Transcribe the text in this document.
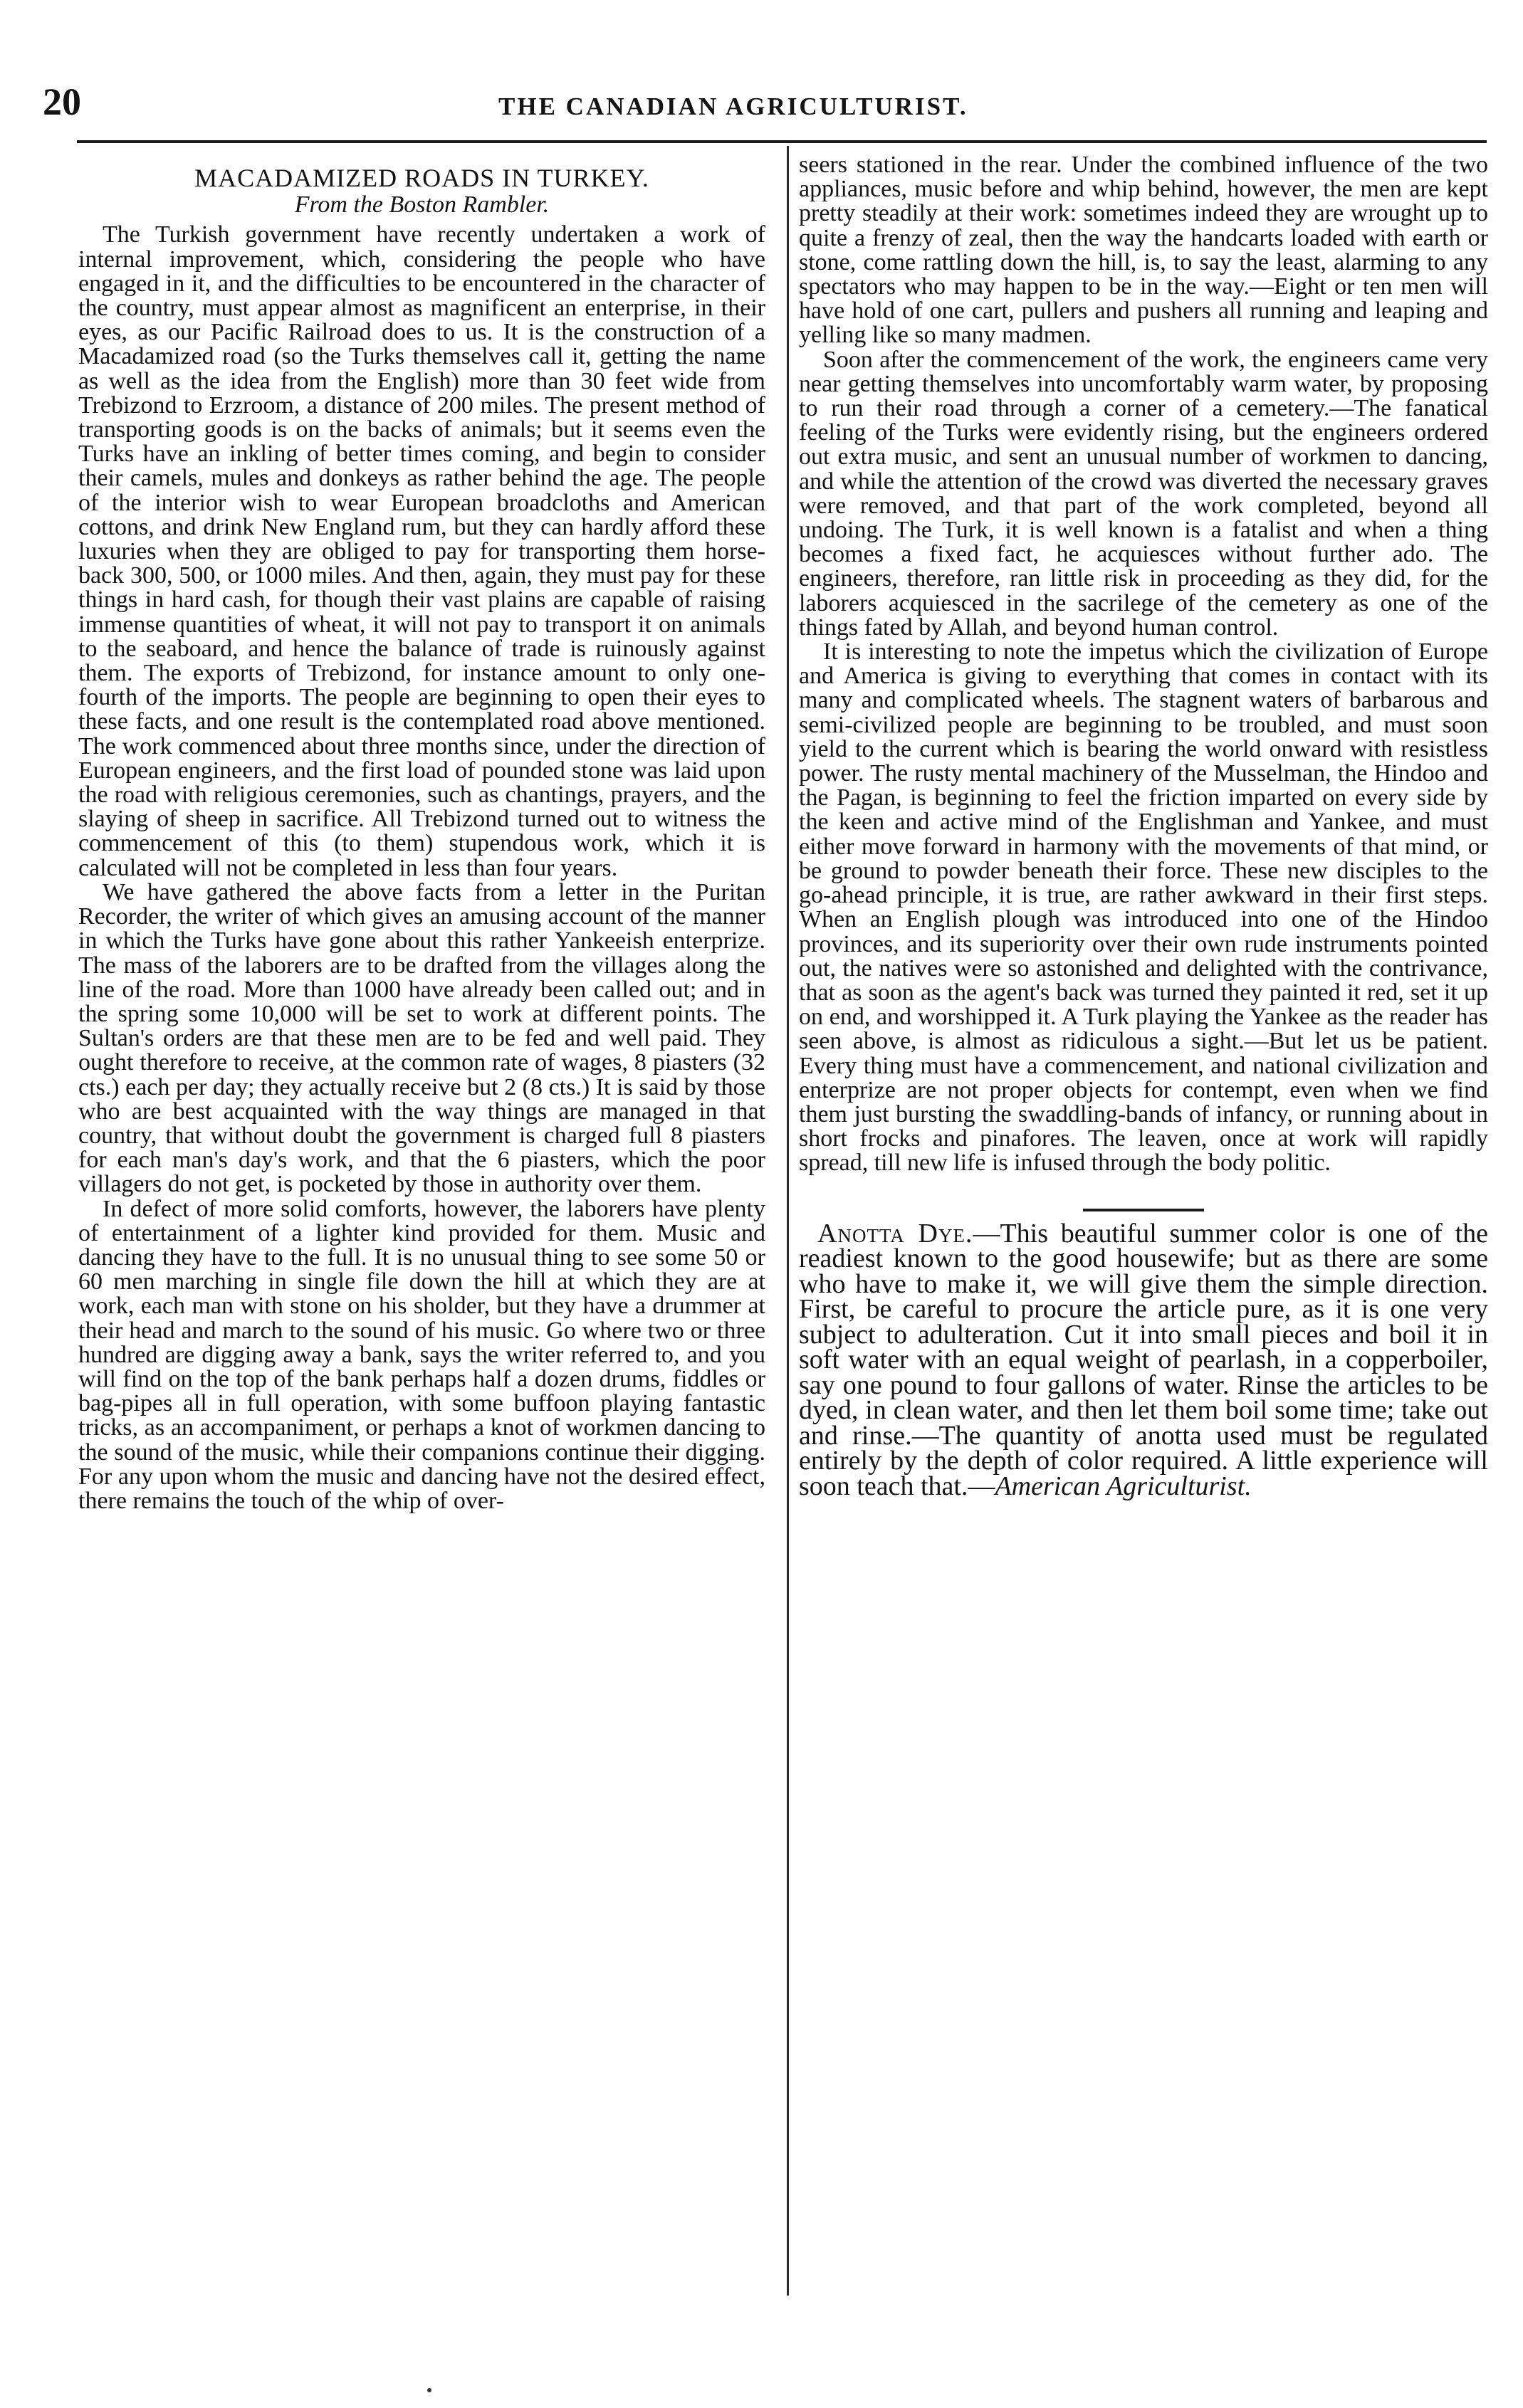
20	THE CANADIAN AGRICULTURIST.
MACADAMIZED ROADS IN TURKEY.
From the Boston Rambler.

The Turkish government have recently undertaken a work of internal improvement, which, considering the people who have engaged in it, and the difficulties to be encountered in the character of the country, must appear almost as magnificent an enterprise, in their eyes, as our Pacific Railroad does to us. It is the construction of a Macadamized road (so the Turks themselves call it, getting the name as well as the idea from the English) more than 30 feet wide from Trebizond to Erzroom, a distance of 200 miles. The present method of transporting goods is on the backs of animals; but it seems even the Turks have an inkling of better times coming, and begin to consider their camels, mules and donkeys as rather behind the age. The people of the interior wish to wear European broadcloths and American cottons, and drink New England rum, but they can hardly afford these luxuries when they are obliged to pay for transporting them horse-back 300, 500, or 1000 miles. And then, again, they must pay for these things in hard cash, for though their vast plains are capable of raising immense quantities of wheat, it will not pay to transport it on animals to the seaboard, and hence the balance of trade is ruinously against them. The exports of Trebizond, for instance amount to only one-fourth of the imports. The people are beginning to open their eyes to these facts, and one result is the contemplated road above mentioned. The work commenced about three months since, under the direction of European engineers, and the first load of pounded stone was laid upon the road with religious ceremonies, such as chantings, prayers, and the slaying of sheep in sacrifice. All Trebizond turned out to witness the commencement of this (to them) stupendous work, which it is calculated will not be completed in less than four years.

We have gathered the above facts from a letter in the Puritan Recorder, the writer of which gives an amusing account of the manner in which the Turks have gone about this rather Yankeeish enterprize. The mass of the laborers are to be drafted from the villages along the line of the road. More than 1000 have already been called out; and in the spring some 10,000 will be set to work at different points. The Sultan's orders are that these men are to be fed and well paid. They ought therefore to receive, at the common rate of wages, 8 piasters (32 cts.) each per day; they actually receive but 2 (8 cts.) It is said by those who are best acquainted with the way things are managed in that country, that without doubt the government is charged full 8 piasters for each man's day's work, and that the 6 piasters, which the poor villagers do not get, is pocketed by those in authority over them.

In defect of more solid comforts, however, the laborers have plenty of entertainment of a lighter kind provided for them. Music and dancing they have to the full. It is no unusual thing to see some 50 or 60 men marching in single file down the hill at which they are at work, each man with stone on his sholder, but they have a drummer at their head and march to the sound of his music. Go where two or three hundred are digging away a bank, says the writer referred to, and you will find on the top of the bank perhaps half a dozen drums, fiddles or bag-pipes all in full operation, with some buffoon playing fantastic tricks, as an accompaniment, or perhaps a knot of workmen dancing to the sound of the music, while their companions continue their digging. For any upon whom the music and dancing have not the desired effect, there remains the touch of the whip of over-

seers stationed in the rear. Under the combined influence of the two appliances, music before and whip behind, however, the men are kept pretty steadily at their work: sometimes indeed they are wrought up to quite a frenzy of zeal, then the way the handcarts loaded with earth or stone, come rattling down the hill, is, to say the least, alarming to any spectators who may happen to be in the way.—Eight or ten men will have hold of one cart, pullers and pushers all running and leaping and yelling like so many madmen.

Soon after the commencement of the work, the engineers came very near getting themselves into uncomfortably warm water, by proposing to run their road through a corner of a cemetery.—The fanatical feeling of the Turks were evidently rising, but the engineers ordered out extra music, and sent an unusual number of workmen to dancing, and while the attention of the crowd was diverted the necessary graves were removed, and that part of the work completed, beyond all undoing. The Turk, it is well known is a fatalist and when a thing becomes a fixed fact, he acquiesces without further ado. The engineers, therefore, ran little risk in proceeding as they did, for the laborers acquiesced in the sacrilege of the cemetery as one of the things fated by Allah, and beyond human control.

It is interesting to note the impetus which the civilization of Europe and America is giving to everything that comes in contact with its many and complicated wheels. The stagnent waters of barbarous and semi-civilized people are beginning to be troubled, and must soon yield to the current which is bearing the world onward with resistless power. The rusty mental machinery of the Musselman, the Hindoo and the Pagan, is beginning to feel the friction imparted on every side by the keen and active mind of the Englishman and Yankee, and must either move forward in harmony with the movements of that mind, or be ground to powder beneath their force. These new disciples to the go-ahead principle, it is true, are rather awkward in their first steps. When an English plough was introduced into one of the Hindoo provinces, and its superiority over their own rude instruments pointed out, the natives were so astonished and delighted with the contrivance, that as soon as the agent's back was turned they painted it red, set it up on end, and worshipped it. A Turk playing the Yankee as the reader has seen above, is almost as ridiculous a sight.—But let us be patient. Every thing must have a commencement, and national civilization and enterprize are not proper objects for contempt, even when we find them just bursting the swaddling-bands of infancy, or running about in short frocks and pinafores. The leaven, once at work will rapidly spread, till new life is infused through the body politic.

Anotta Dye.—This beautiful summer color is one of the readiest known to the good housewife; but as there are some who have to make it, we will give them the simple direction. First, be careful to procure the article pure, as it is one very subject to adulteration. Cut it into small pieces and boil it in soft water with an equal weight of pearlash, in a copperboiler, say one pound to four gallons of water. Rinse the articles to be dyed, in clean water, and then let them boil some time; take out and rinse.—The quantity of anotta used must be regulated entirely by the depth of color required. A little experience will soon teach that.—American Agriculturist.
